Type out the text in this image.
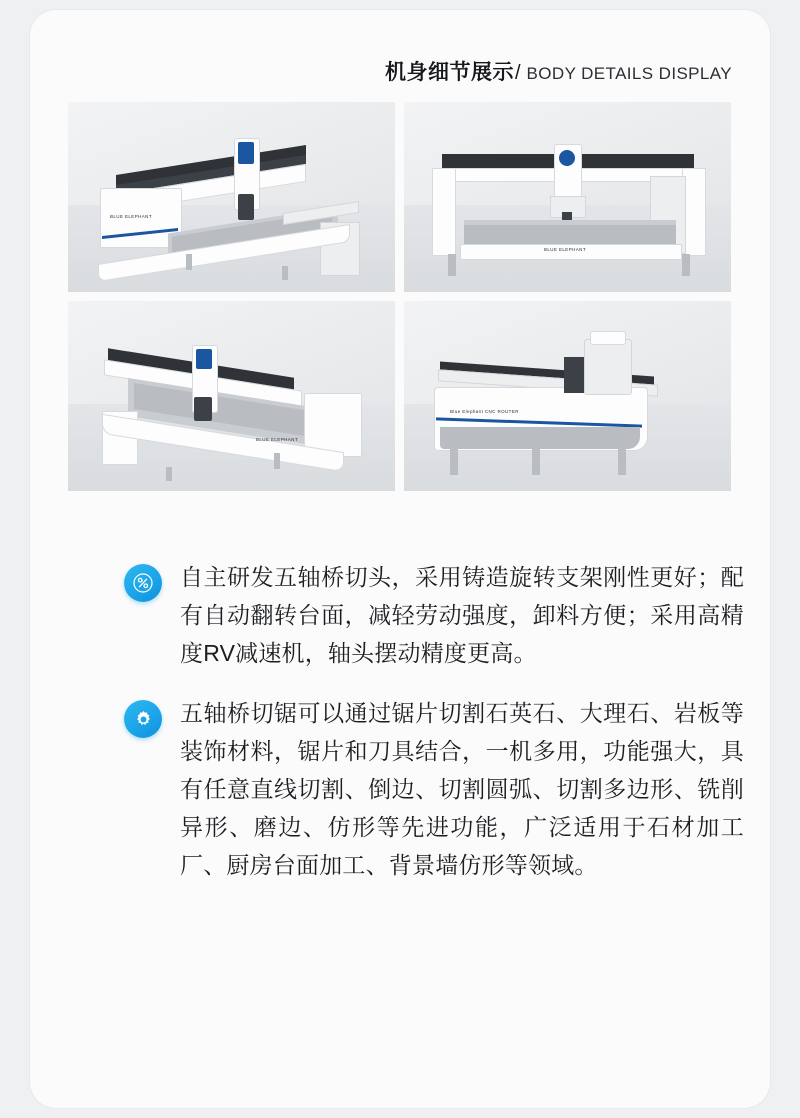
机身细节展示 / BODY DETAILS DISPLAY
BLUE ELEPHANT
BLUE ELEPHANT
BLUE ELEPHANT
Blue Elephant CNC ROUTER
自主研发五轴桥切头，采用铸造旋转支架刚性更好；配有自动翻转台面，减轻劳动强度，卸料方便；采用高精度RV减速机，轴头摆动精度更高。
五轴桥切锯可以通过锯片切割石英石、大理石、岩板等装饰材料，锯片和刀具结合，一机多用，功能强大，具有任意直线切割、倒边、切割圆弧、切割多边形、铣削异形、磨边、仿形等先进功能，广泛适用于石材加工厂、厨房台面加工、背景墙仿形等领域。
